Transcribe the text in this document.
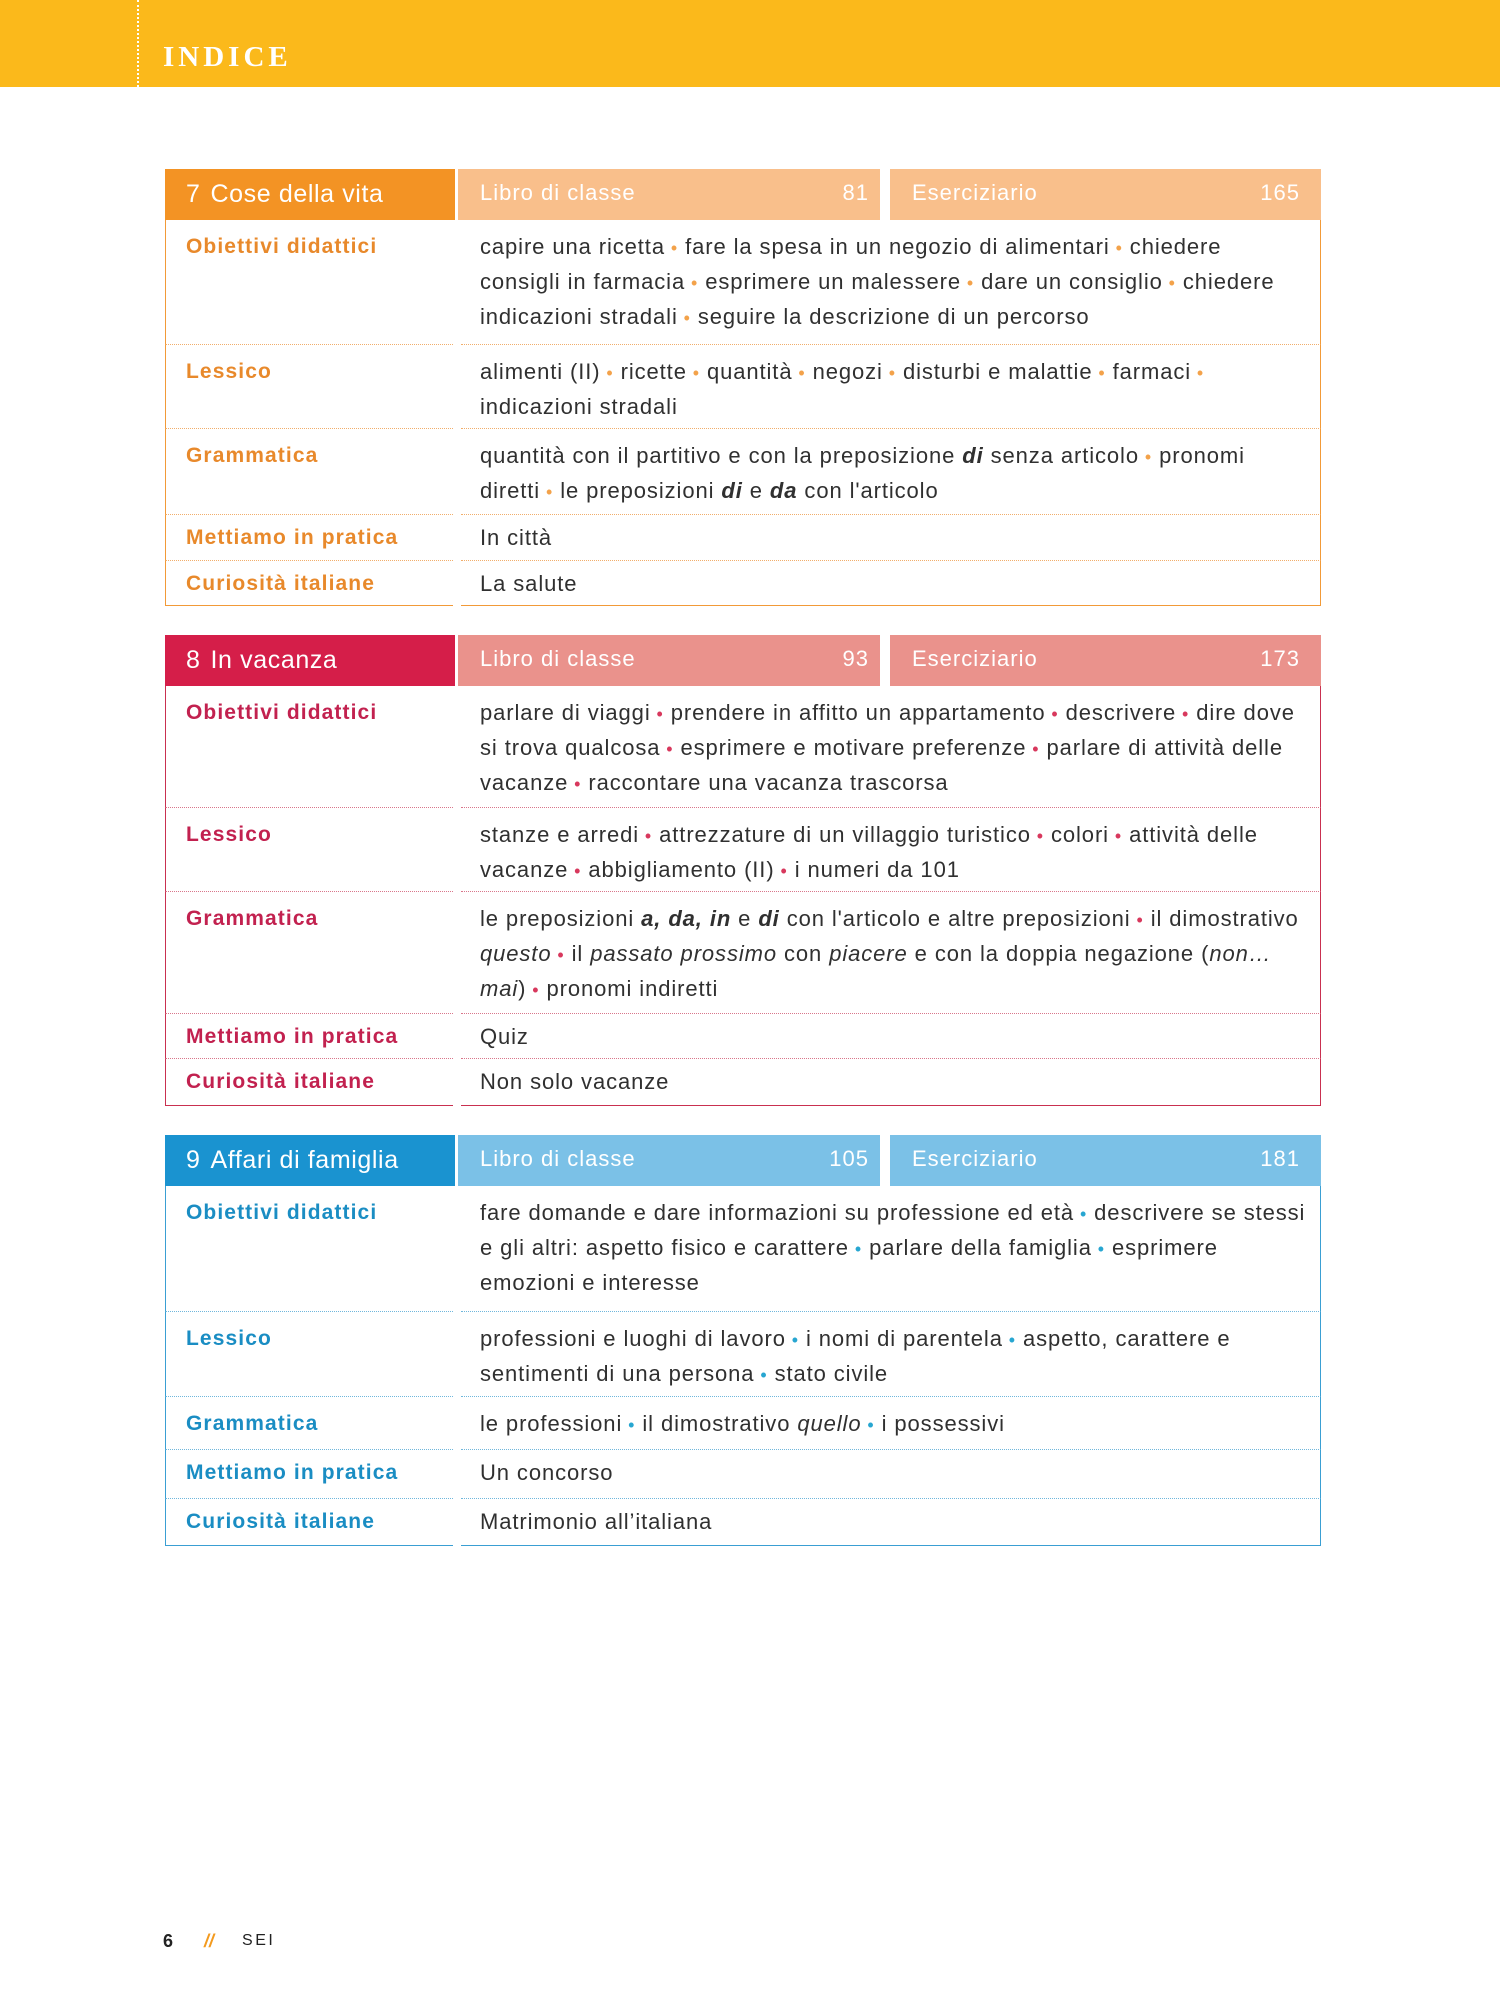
INDICE
7 Cose della vita	Libro di classe	81 Eserciziario	165
Obiettivi didattici	capire una ricetta • fare la spesa in un negozio di alimentari • chiedere consigli in farmacia • esprimere un malessere • dare un consiglio • chiedere indicazioni stradali • seguire la descrizione di un percorso
Lessico	alimenti (II) • ricette • quantità • negozi • disturbi e malattie • farmaci • indicazioni stradali
Grammatica	quantità con il partitivo e con la preposizione di senza articolo • pronomi diretti • le preposizioni di e da con l'articolo
Mettiamo in pratica	In città
Curiosità italiane	La salute
8 In vacanza	Libro di classe	93 Eserciziario	173
Obiettivi didattici	parlare di viaggi • prendere in affitto un appartamento • descrivere • dire dove si trova qualcosa • esprimere e motivare preferenze • parlare di attività delle vacanze • raccontare una vacanza trascorsa
Lessico	stanze e arredi • attrezzature di un villaggio turistico • colori • attività delle vacanze • abbigliamento (II) • i numeri da 101
Grammatica	le preposizioni a, da, in e di con l'articolo e altre preposizioni • il dimostrativo questo • il passato prossimo con piacere e con la doppia negazione (non… mai) • pronomi indiretti
Mettiamo in pratica	Quiz
Curiosità italiane	Non solo vacanze
9 Affari di famiglia	Libro di classe	105 Eserciziario	181
Obiettivi didattici	fare domande e dare informazioni su professione ed età • descrivere se stessi e gli altri: aspetto fisico e carattere • parlare della famiglia • esprimere emozioni e interesse
Lessico	professioni e luoghi di lavoro • i nomi di parentela • aspetto, carattere e sentimenti di una persona • stato civile
Grammatica	le professioni • il dimostrativo quello • i possessivi
Mettiamo in pratica	Un concorso
Curiosità italiane	Matrimonio all’italiana
6 // SEI
